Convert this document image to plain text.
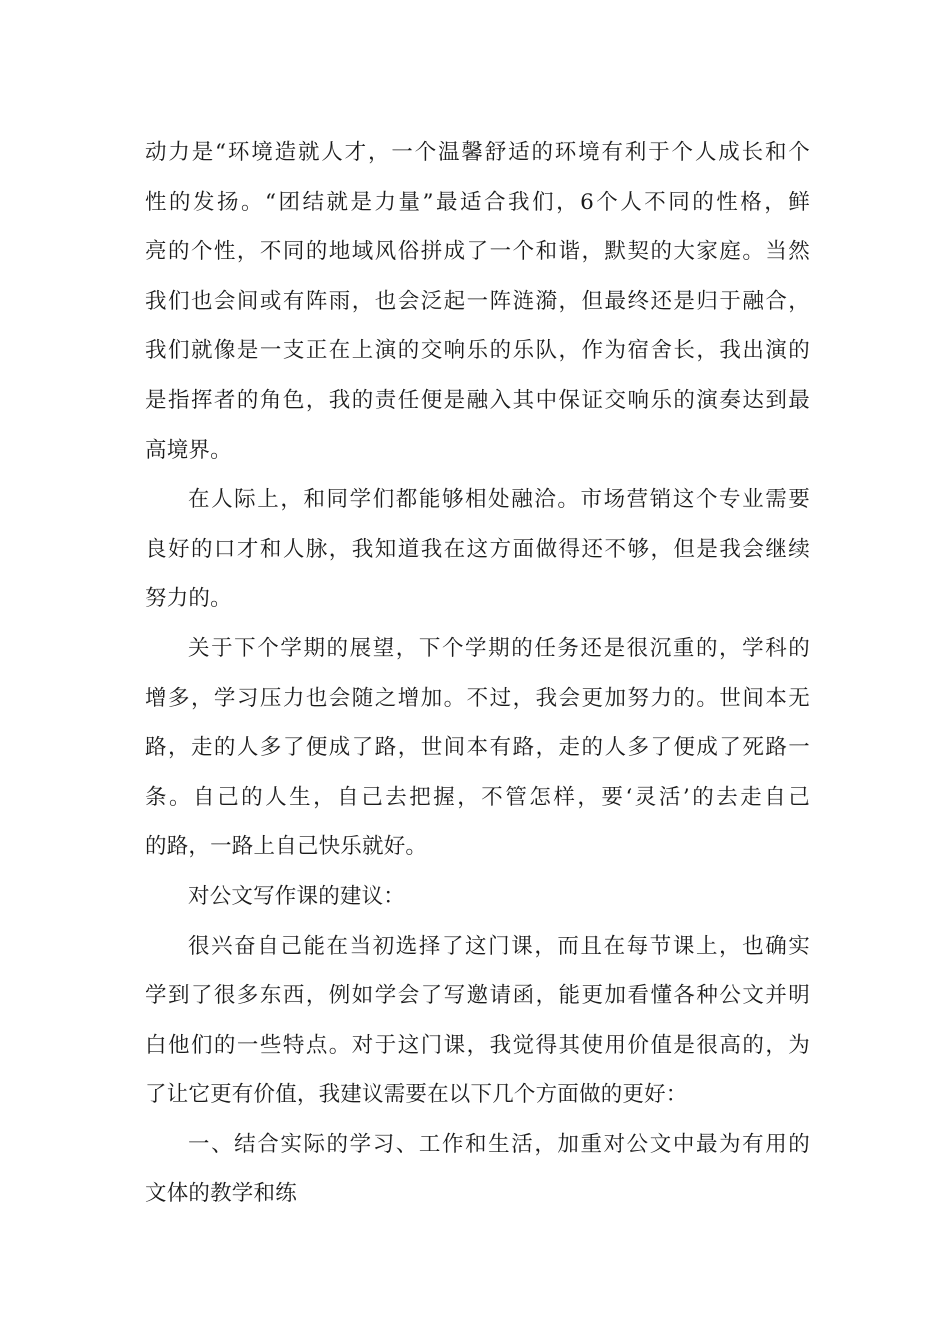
动力是“环境造就人才，一个温馨舒适的环境有利于个人成长和个
性的发扬。“团结就是力量”最适合我们，6个人不同的性格，鲜
亮的个性，不同的地域风俗拼成了一个和谐，默契的大家庭。当然
我们也会间或有阵雨，也会泛起一阵涟漪，但最终还是归于融合，
我们就像是一支正在上演的交响乐的乐队，作为宿舍长，我出演的
是指挥者的角色，我的责任便是融入其中保证交响乐的演奏达到最
高境界。

在人际上，和同学们都能够相处融洽。市场营销这个专业需要
良好的口才和人脉，我知道我在这方面做得还不够，但是我会继续
努力的。

关于下个学期的展望，下个学期的任务还是很沉重的，学科的
增多，学习压力也会随之增加。不过，我会更加努力的。世间本无
路，走的人多了便成了路，世间本有路，走的人多了便成了死路一
条。自己的人生，自己去把握，不管怎样，要‘灵活’的去走自己
的路，一路上自己快乐就好。

对公文写作课的建议：

很兴奋自己能在当初选择了这门课，而且在每节课上，也确实
学到了很多东西，例如学会了写邀请函，能更加看懂各种公文并明
白他们的一些特点。对于这门课，我觉得其使用价值是很高的，为
了让它更有价值，我建议需要在以下几个方面做的更好：

一、结合实际的学习、工作和生活，加重对公文中最为有用的
文体的教学和练
